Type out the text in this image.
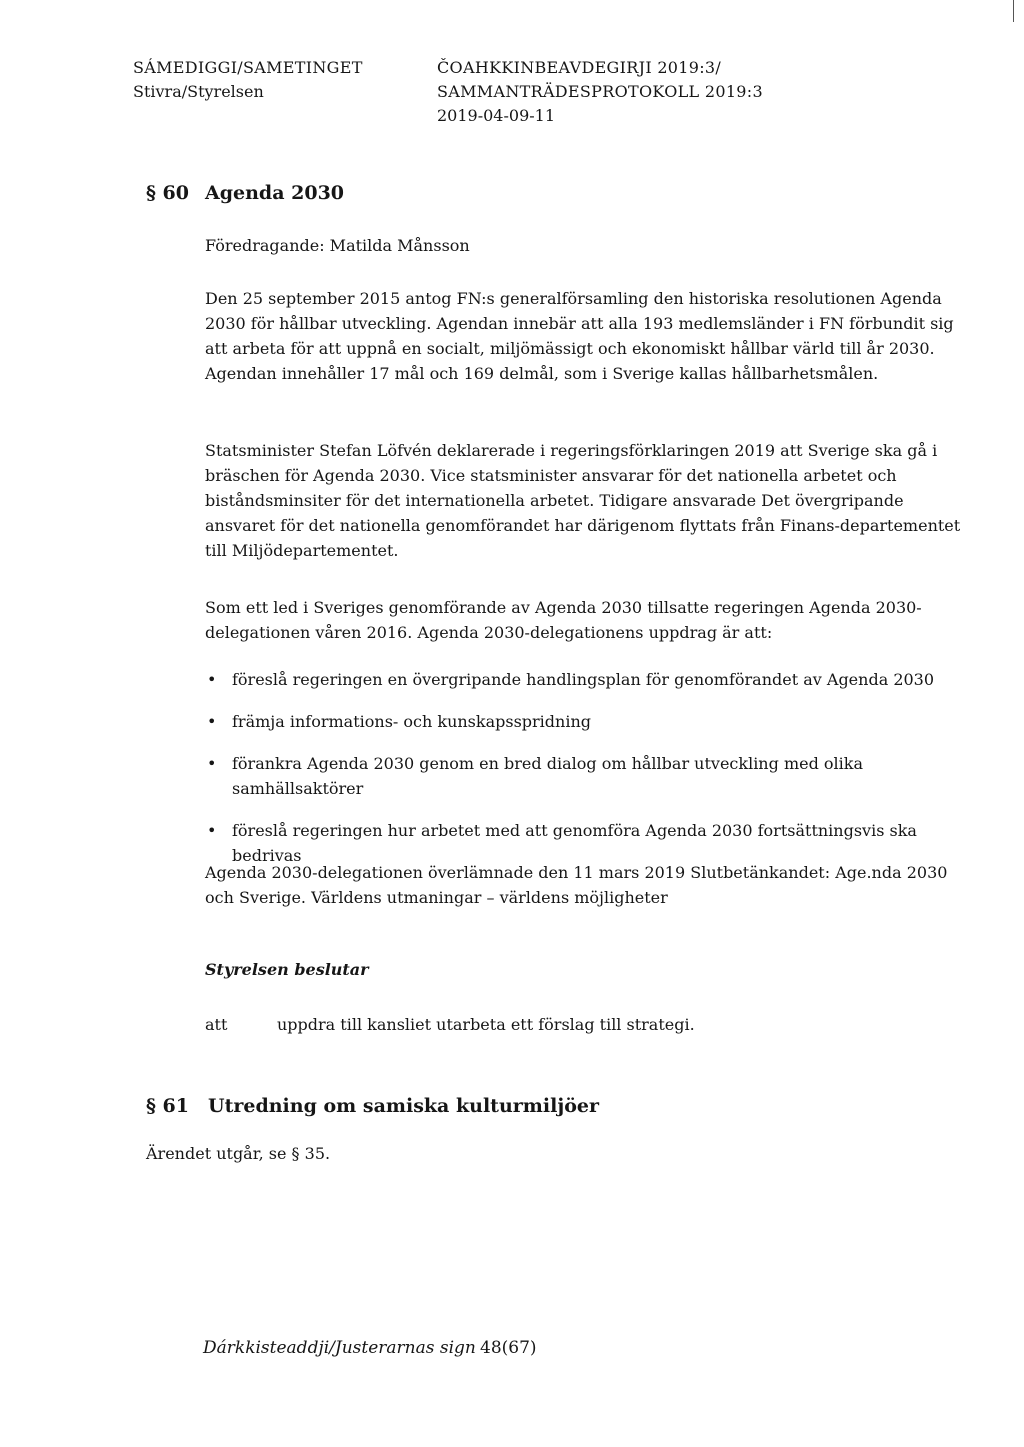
SÁMEDIGGI/SAMETINGET
Stivra/Styrelsen
ČOAHKKINBEAVDEGIRJI 2019:3/
SAMMANTRÄDESPROTOKOLL 2019:3
2019-04-09-11
§ 60 Agenda 2030

Föredragande: Matilda Månsson

Den 25 september 2015 antog FN:s generalförsamling den historiska resolutionen Agenda 2030 för hållbar utveckling. Agendan innebär att alla 193 medlemsländer i FN förbundit sig att arbeta för att uppnå en socialt, miljömässigt och ekonomiskt hållbar värld till år 2030. Agendan innehåller 17 mål och 169 delmål, som i Sverige kallas hållbarhetsmålen.

Statsminister Stefan Löfvén deklarerade i regeringsförklaringen 2019 att Sverige ska gå i bräschen för Agenda 2030. Vice statsminister ansvarar för det nationella arbetet och biståndsminsiter för det internationella arbetet. Tidigare ansvarade Det övergripande ansvaret för det nationella genomförandet har därigenom flyttats från Finans-departementet till Miljödepartementet.

Som ett led i Sveriges genomförande av Agenda 2030 tillsatte regeringen Agenda 2030-delegationen våren 2016. Agenda 2030-delegationens uppdrag är att:

• föreslå regeringen en övergripande handlingsplan för genomförandet av Agenda 2030
• främja informations- och kunskapsspridning
• förankra Agenda 2030 genom en bred dialog om hållbar utveckling med olika samhällsaktörer
• föreslå regeringen hur arbetet med att genomföra Agenda 2030 fortsättningsvis ska bedrivas

Agenda 2030-delegationen överlämnade den 11 mars 2019 Slutbetänkandet: Age.nda 2030 och Sverige. Världens utmaningar – världens möjligheter

Styrelsen beslutar
att	uppdra till kansliet utarbeta ett förslag till strategi.
§ 61 Utredning om samiska kulturmiljöer

Ärendet utgår, se § 35.

Dárkkisteaddji/Justerarnas sign 48(67)
